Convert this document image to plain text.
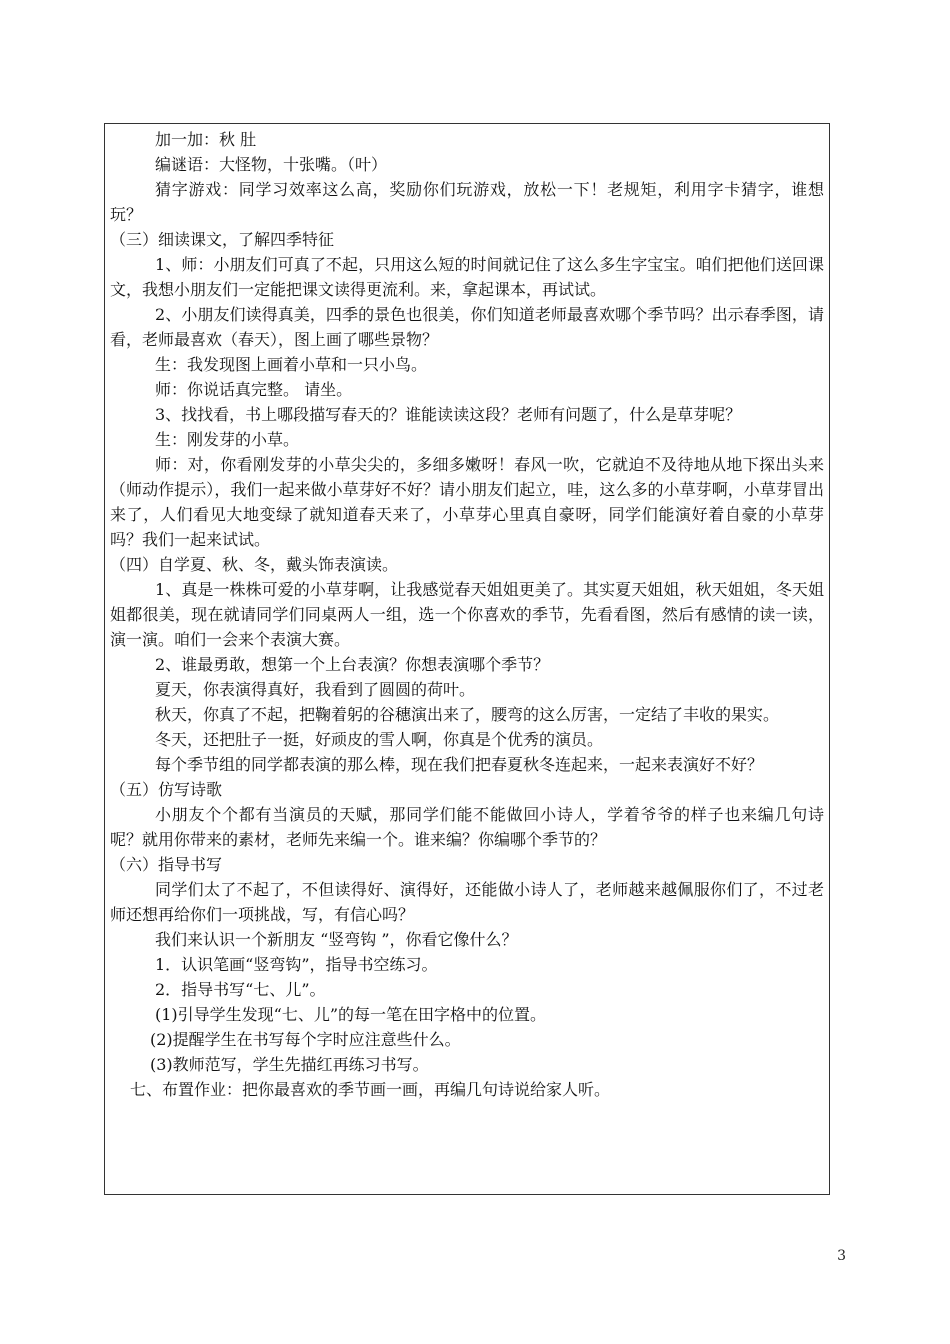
加一加：秋 肚

编谜语：大怪物，十张嘴。（叶）

猜字游戏：同学习效率这么高，奖励你们玩游戏，放松一下！老规矩，利用字卡猜字，谁想玩？

（三）细读课文，了解四季特征

1、师：小朋友们可真了不起，只用这么短的时间就记住了这么多生字宝宝。咱们把他们送回课文，我想小朋友们一定能把课文读得更流利。来，拿起课本，再试试。

2、小朋友们读得真美，四季的景色也很美，你们知道老师最喜欢哪个季节吗？出示春季图，请看，老师最喜欢（春天），图上画了哪些景物？

生：我发现图上画着小草和一只小鸟。

师：你说话真完整。 请坐。

3、找找看，书上哪段描写春天的？谁能读读这段？老师有问题了，什么是草芽呢？

生：刚发芽的小草。

师：对，你看刚发芽的小草尖尖的，多细多嫩呀！春风一吹，它就迫不及待地从地下探出头来（师动作提示），我们一起来做小草芽好不好？请小朋友们起立，哇，这么多的小草芽啊，小草芽冒出来了，人们看见大地变绿了就知道春天来了，小草芽心里真自豪呀，同学们能演好着自豪的小草芽吗？我们一起来试试。

（四）自学夏、秋、冬，戴头饰表演读。

1、真是一株株可爱的小草芽啊，让我感觉春天姐姐更美了。其实夏天姐姐，秋天姐姐，冬天姐姐都很美，现在就请同学们同桌两人一组，选一个你喜欢的季节，先看看图，然后有感情的读一读，演一演。咱们一会来个表演大赛。

2、谁最勇敢，想第一个上台表演？你想表演哪个季节？

夏天，你表演得真好，我看到了圆圆的荷叶。

秋天，你真了不起，把鞠着躬的谷穗演出来了，腰弯的这么厉害，一定结了丰收的果实。

冬天，还把肚子一挺，好顽皮的雪人啊，你真是个优秀的演员。

每个季节组的同学都表演的那么棒，现在我们把春夏秋冬连起来，一起来表演好不好？

（五）仿写诗歌

小朋友个个都有当演员的天赋，那同学们能不能做回小诗人，学着爷爷的样子也来编几句诗呢？就用你带来的素材，老师先来编一个。谁来编？你编哪个季节的？

（六）指导书写

同学们太了不起了，不但读得好、演得好，还能做小诗人了，老师越来越佩服你们了，不过老师还想再给你们一项挑战，写，有信心吗？

我们来认识一个新朋友 “竖弯钩 ”，你看它像什么？

1．认识笔画“竖弯钩”，指导书空练习。

2．指导书写“七、儿”。

(1)引导学生发现“七、儿”的每一笔在田字格中的位置。

(2)提醒学生在书写每个字时应注意些什么。

(3)教师范写，学生先描红再练习书写。

七、布置作业：把你最喜欢的季节画一画，再编几句诗说给家人听。

3
